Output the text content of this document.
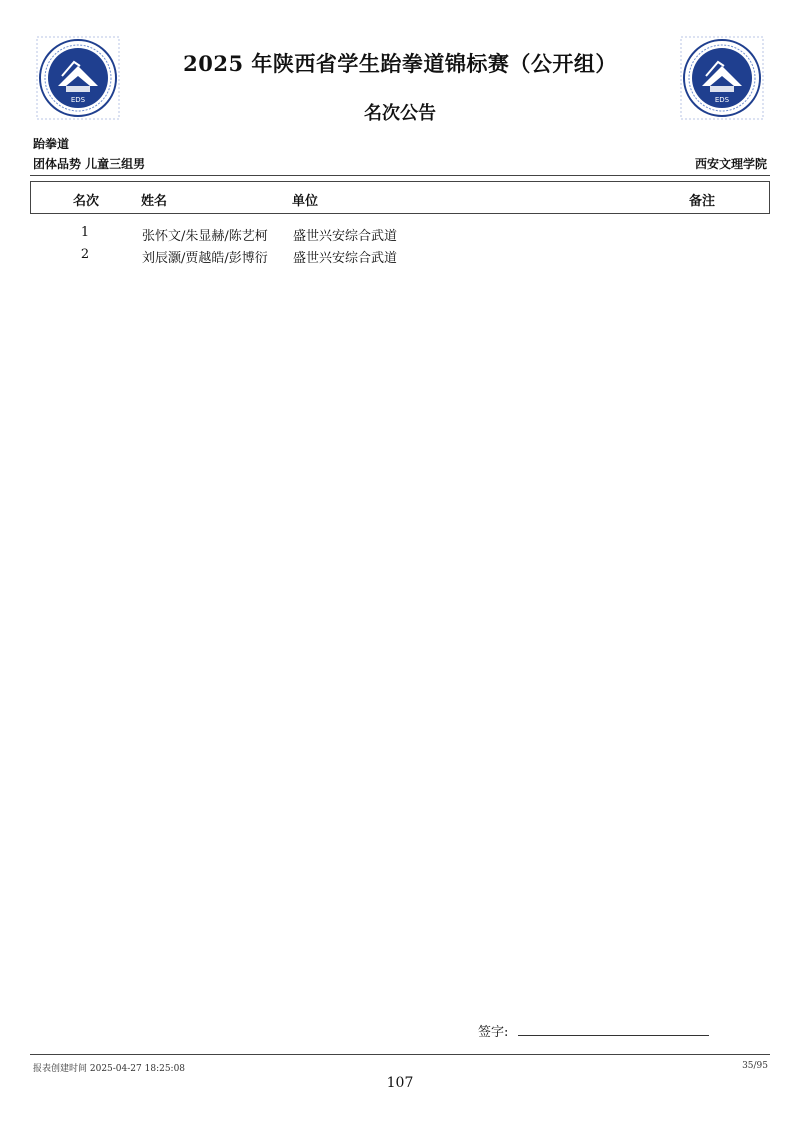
EDS	EDS
2025 年陕西省学生跆拳道锦标赛（公开组）
名次公告
跆拳道
团体品势 儿童三组男	西安文理学院
名次	姓名	单位	备注
1	张怀文/朱显赫/陈艺柯 盛世兴安综合武道
2	刘辰灏/贾越皓/彭博衍 盛世兴安综合武道
签字:
报表创建时间 2025-04-27 18:25:08	35/95
107
